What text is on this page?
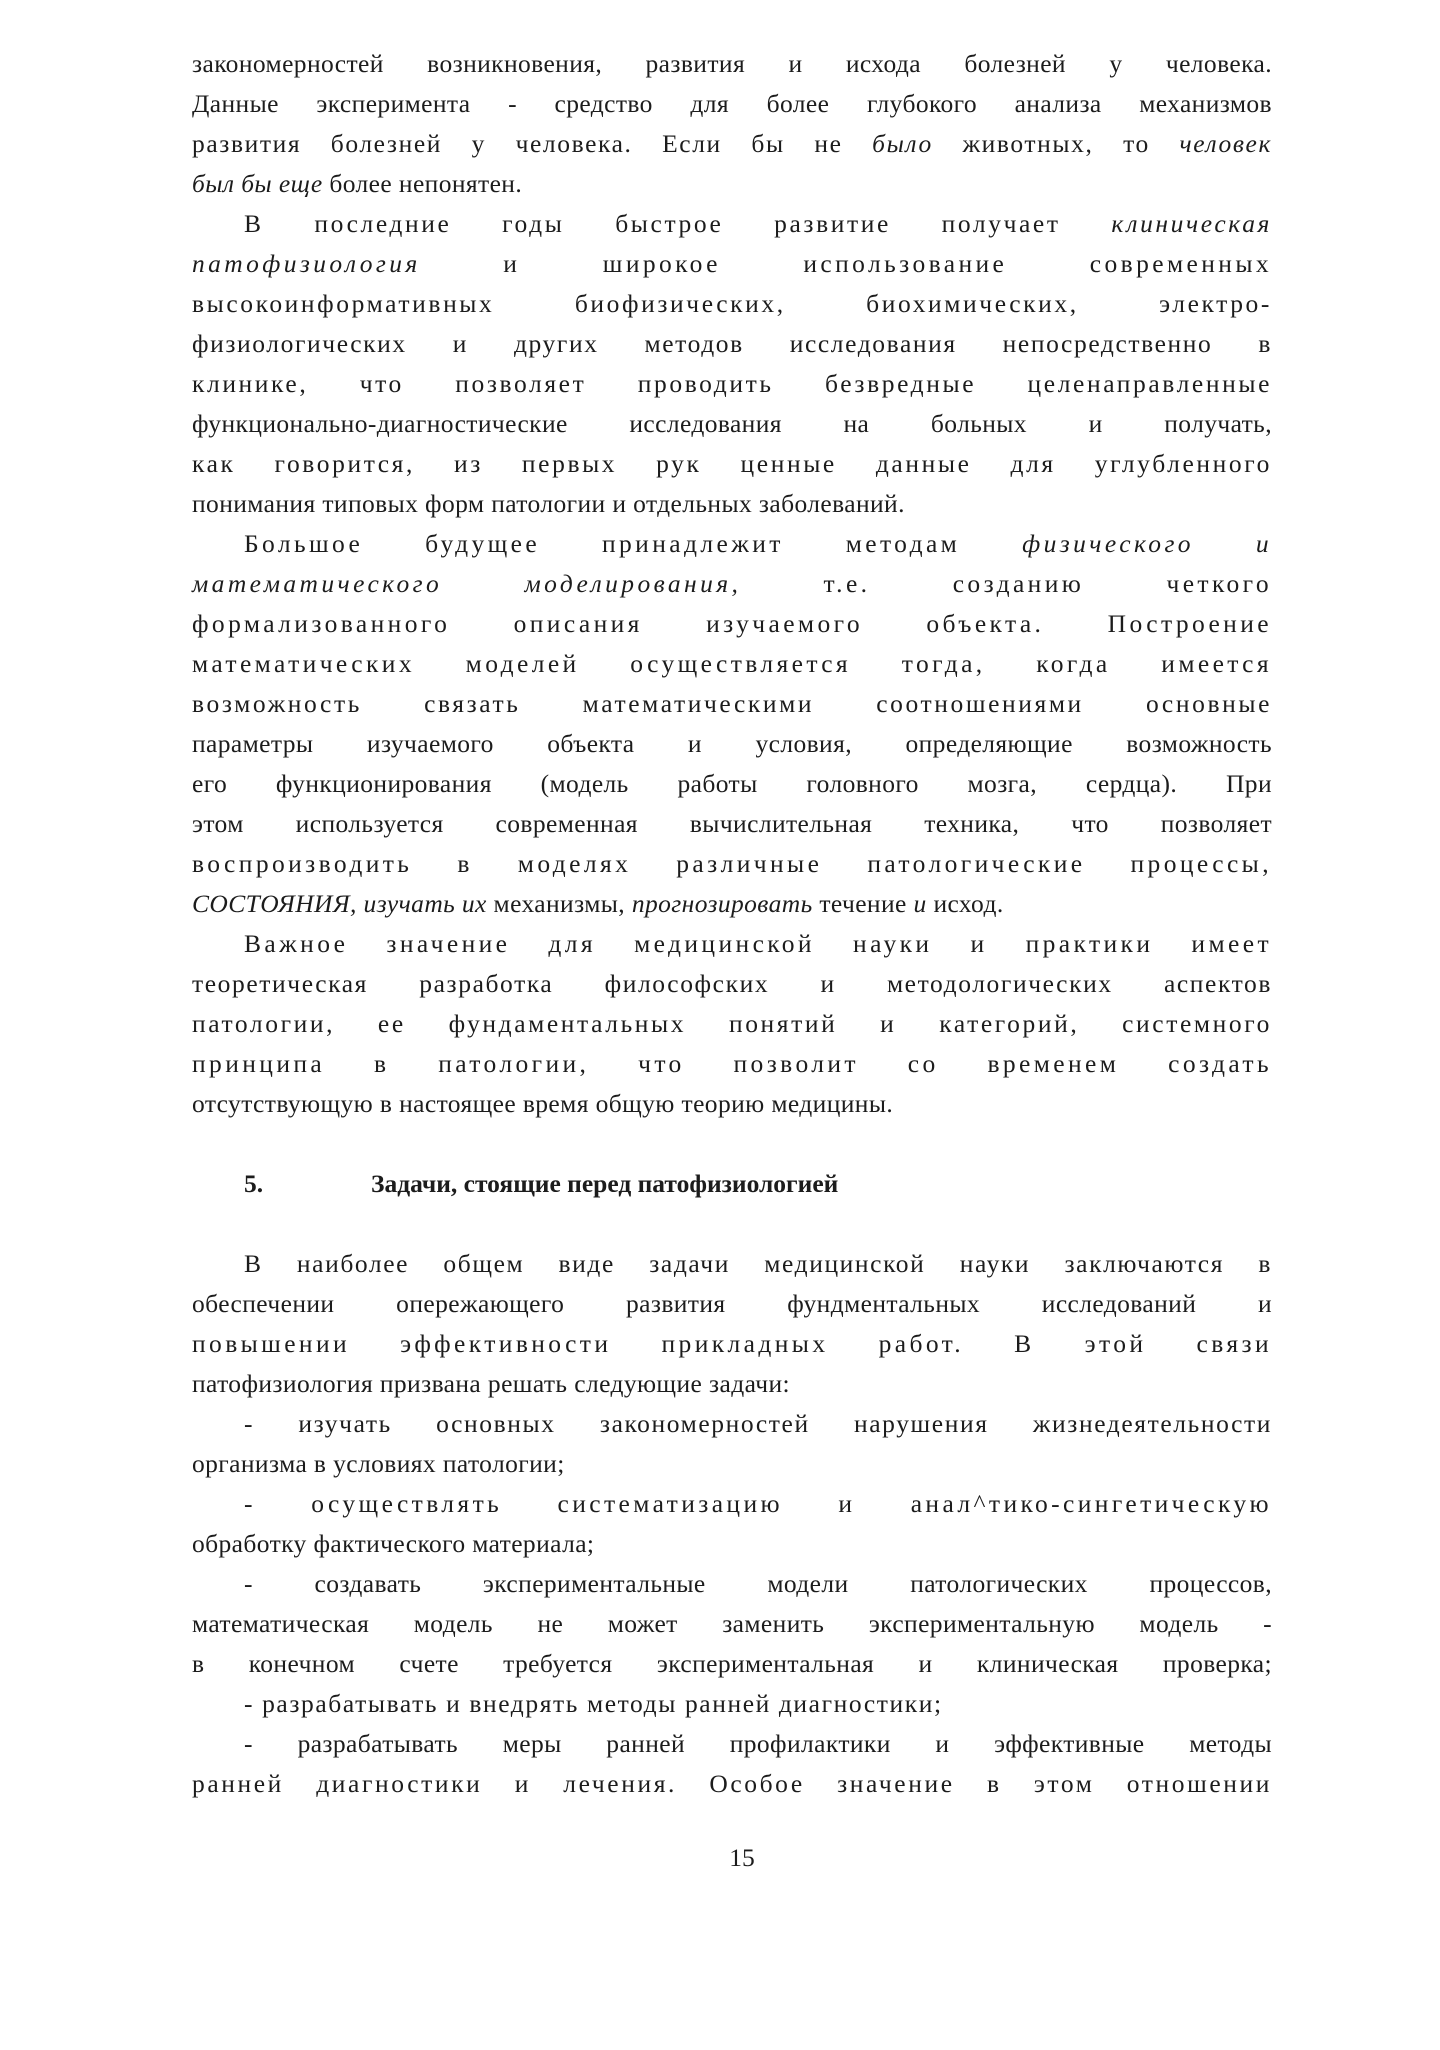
закономерностей возникновения, развития и исхода болезней у человека.
Данные эксперимента - средство для более глубокого анализа механизмов
развития болезней у человека. Если бы не было животных, то человек
был бы еще более непонятен.
В последние годы быстрое развитие получает клиническая
патофизиология и широкое использование современных
высокоинформативных биофизических, биохимических, электро-
физиологических и других методов исследования непосредственно в
клинике, что позволяет проводить безвредные целенаправленные
функционально-диагностические исследования на больных и получать,
как говорится, из первых рук ценные данные для углубленного
понимания типовых форм патологии и отдельных заболеваний.
Большое будущее принадлежит методам физического и
математического моделирования, т.е. созданию четкого
формализованного описания изучаемого объекта. Построение
математических моделей осуществляется тогда, когда имеется
возможность связать математическими соотношениями основные
параметры изучаемого объекта и условия, определяющие возможность
его функционирования (модель работы головного мозга, сердца). При
этом используется современная вычислительная техника, что позволяет
воспроизводить в моделях различные патологические процессы,
СОСТОЯНИЯ, изучать их механизмы, прогнозировать течение и исход.
Важное значение для медицинской науки и практики имеет
теоретическая разработка философских и методологических аспектов
патологии, ее фундаментальных понятий и категорий, системного
принципа в патологии, что позволит со временем создать
отсутствующую в настоящее время общую теорию медицины.
5.	Задачи, стоящие перед патофизиологией
В наиболее общем виде задачи медицинской науки заключаются в
обеспечении опережающего развития фундментальных исследований и
повышении эффективности прикладных работ. В этой связи
патофизиология призвана решать следующие задачи:
- изучать основных закономерностей нарушения жизнедеятельности
организма в условиях патологии;
- осуществлять систематизацию и анал^тико-сингетическую
обработку фактического материала;
- создавать экспериментальные модели патологических процессов,
математическая модель не может заменить экспериментальную модель -
в конечном счете требуется экспериментальная и клиническая проверка;
- разрабатывать и внедрять методы ранней диагностики;
- разрабатывать меры ранней профилактики и эффективные методы
ранней диагностики и лечения. Особое значение в этом отношении
15
